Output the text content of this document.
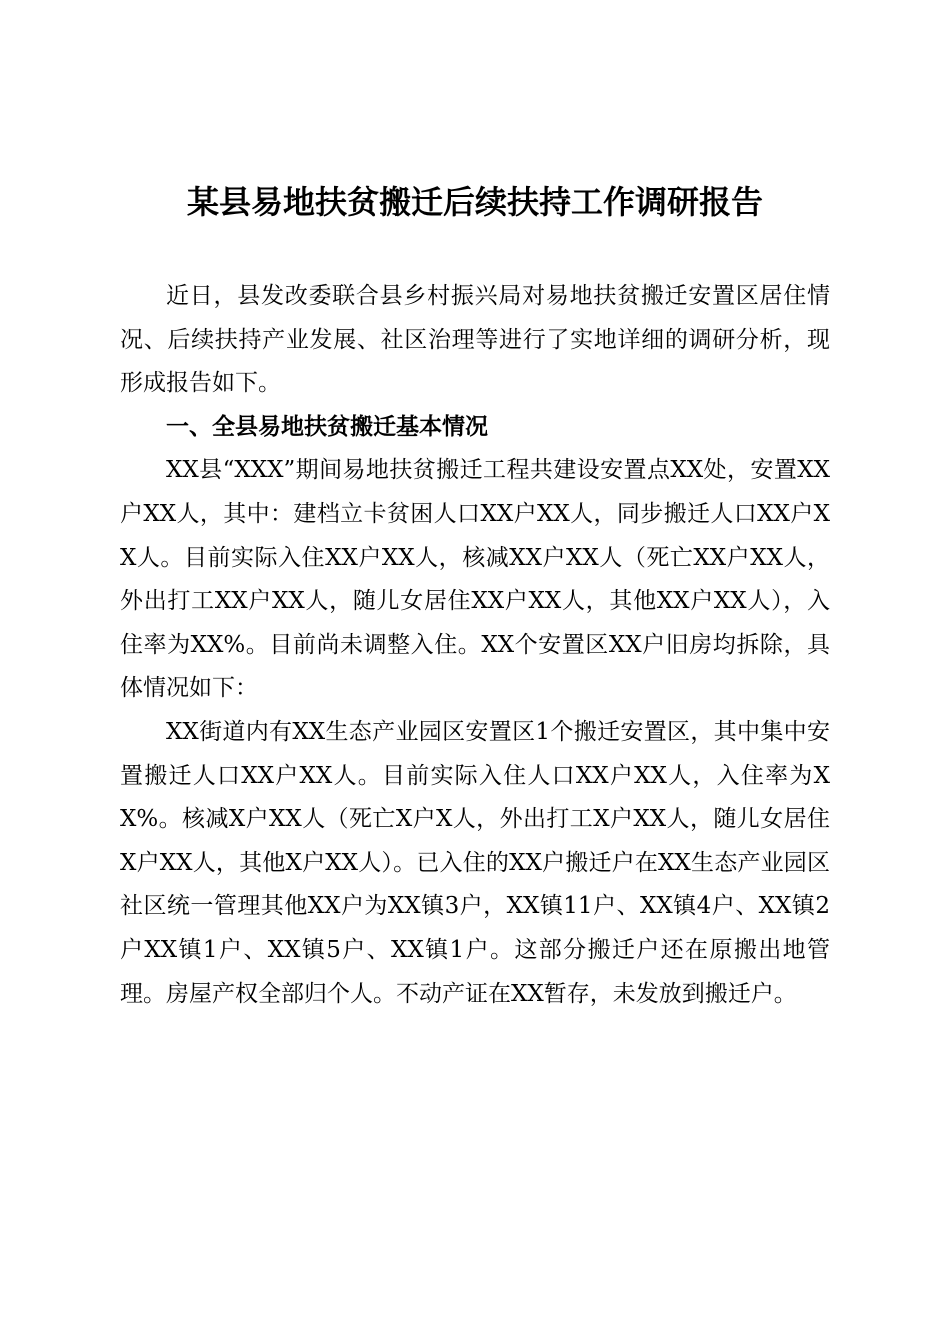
某县易地扶贫搬迁后续扶持工作调研报告

近日，县发改委联合县乡村振兴局对易地扶贫搬迁安置区居住情况、后续扶持产业发展、社区治理等进行了实地详细的调研分析，现形成报告如下。

一、全县易地扶贫搬迁基本情况

XX县“XXX”期间易地扶贫搬迁工程共建设安置点XX处，安置XX户XX人，其中：建档立卡贫困人口XX户XX人，同步搬迁人口XX户XX人。目前实际入住XX户XX人，核减XX户XX人（死亡XX户XX人，外出打工XX户XX人，随儿女居住XX户XX人，其他XX户XX人），入住率为XX%。目前尚未调整入住。XX个安置区XX户旧房均拆除，具体情况如下：

XX街道内有XX生态产业园区安置区1个搬迁安置区，其中集中安置搬迁人口XX户XX人。目前实际入住人口XX户XX人，入住率为XX%。核减X户XX人（死亡X户X人，外出打工X户XX人，随儿女居住X户XX人，其他X户XX人）。已入住的XX户搬迁户在XX生态产业园区社区统一管理其他XX户为XX镇3户，XX镇11户、XX镇4户、XX镇2户XX镇1户、XX镇5户、XX镇1户。这部分搬迁户还在原搬出地管理。房屋产权全部归个人。不动产证在XX暂存，未发放到搬迁户。
